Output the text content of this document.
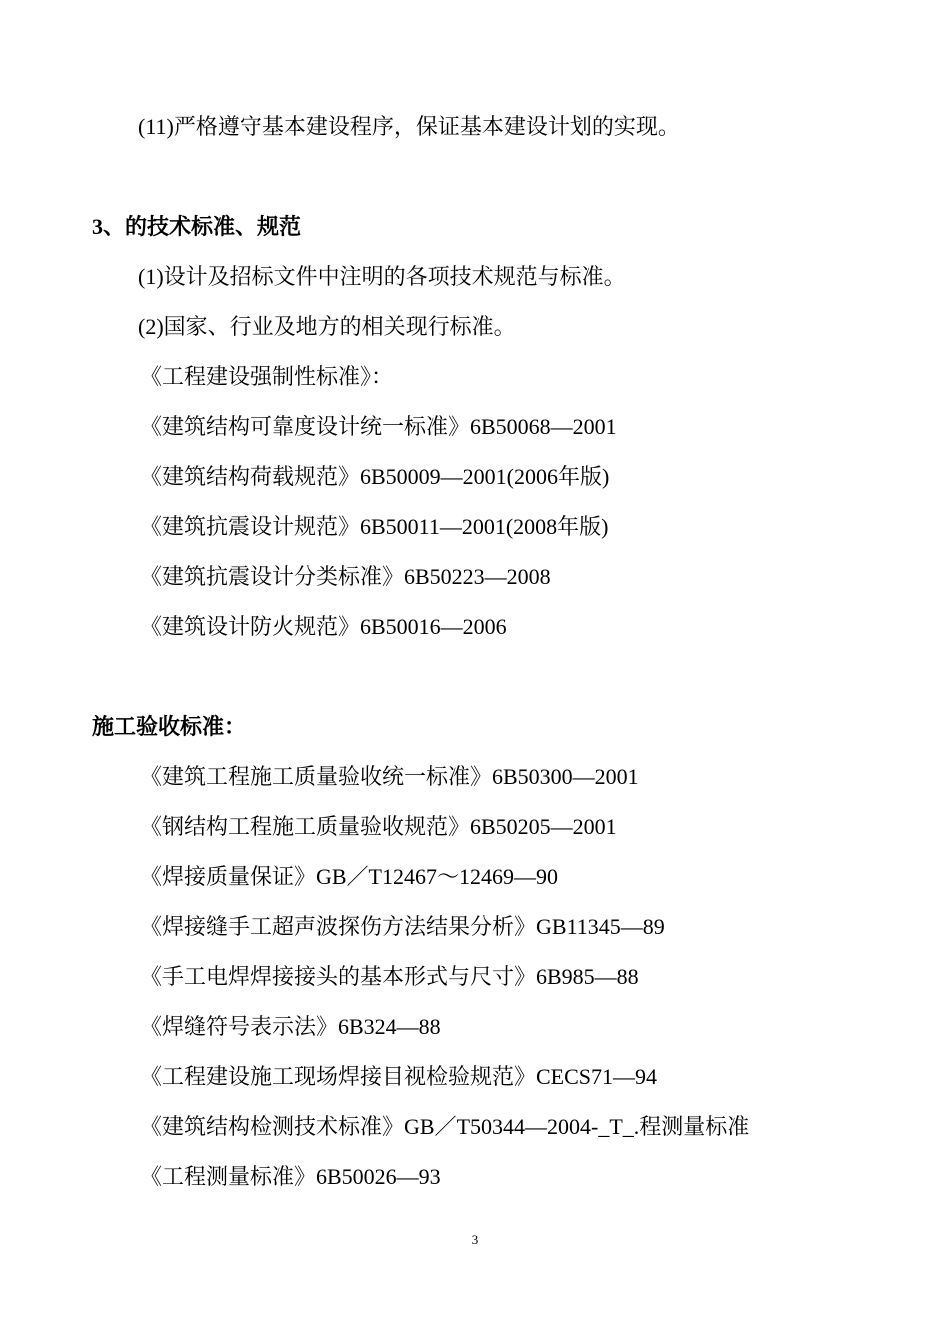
(11)严格遵守基本建设程序，保证基本建设计划的实现。
3、的技术标准、规范
(1)设计及招标文件中注明的各项技术规范与标准。
(2)国家、行业及地方的相关现行标准。
《工程建设强制性标准》：
《建筑结构可靠度设计统一标准》6B50068—2001
《建筑结构荷载规范》6B50009—2001(2006年版)
《建筑抗震设计规范》6B50011—2001(2008年版)
《建筑抗震设计分类标准》6B50223—2008
《建筑设计防火规范》6B50016—2006
施工验收标准：
《建筑工程施工质量验收统一标准》6B50300—2001
《钢结构工程施工质量验收规范》6B50205—2001
《焊接质量保证》GB／T12467～12469—90
《焊接缝手工超声波探伤方法结果分析》GB11345—89
《手工电焊焊接接头的基本形式与尺寸》6B985—88
《焊缝符号表示法》6B324—88
《工程建设施工现场焊接目视检验规范》CECS71—94
《建筑结构检测技术标准》GB／T50344—2004-_T_.程测量标准
《工程测量标准》6B50026—93
3
